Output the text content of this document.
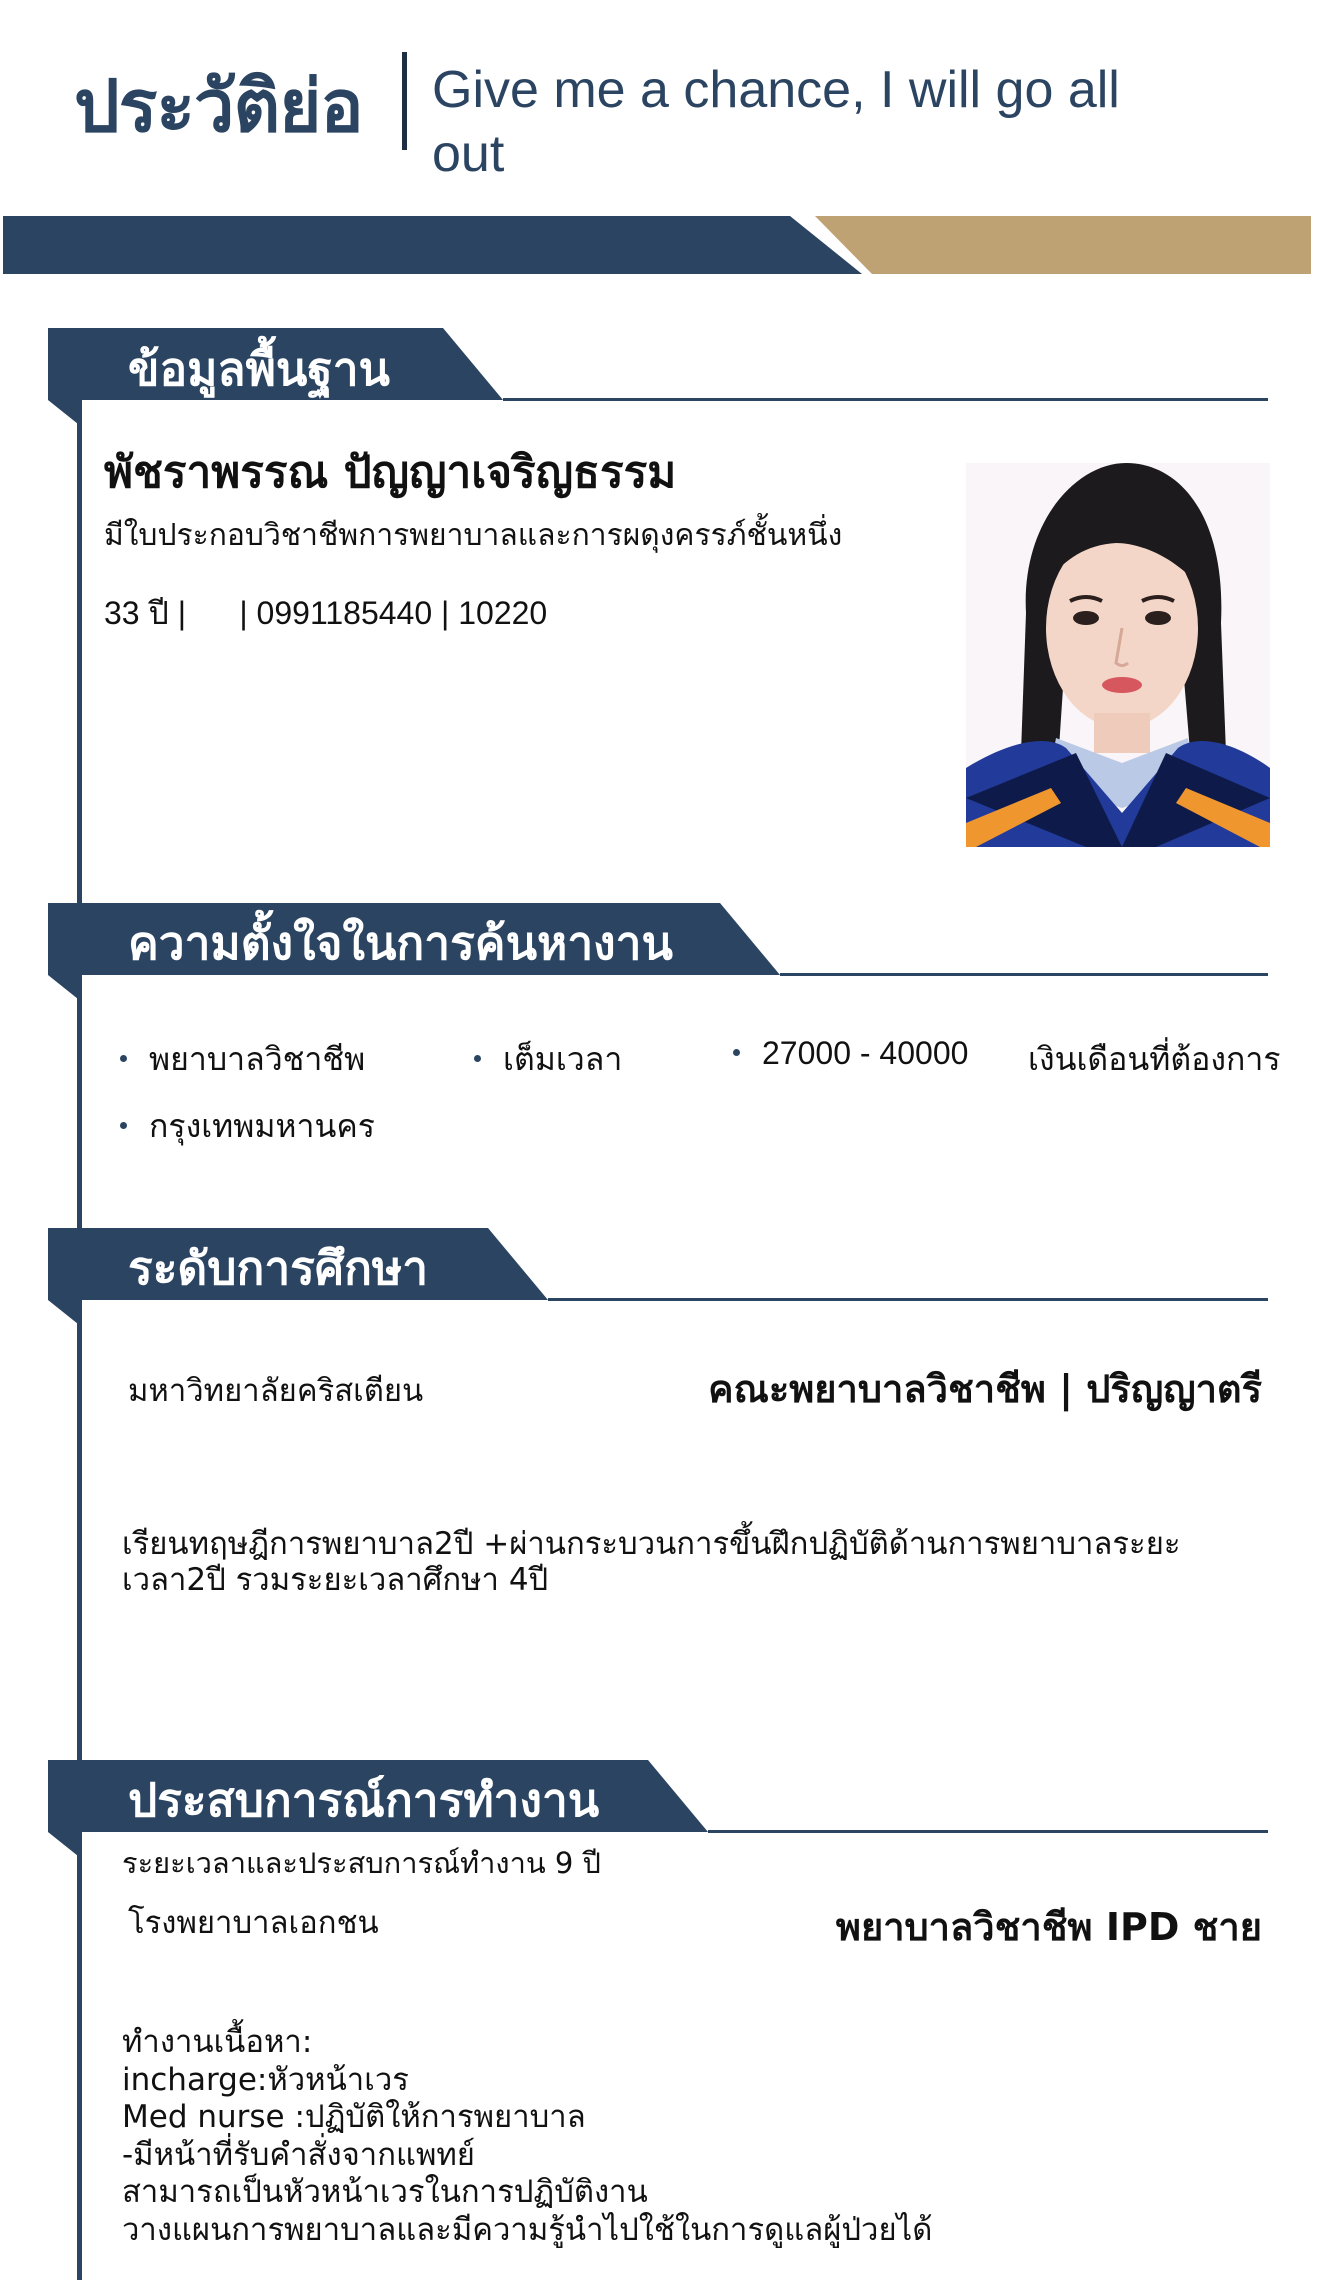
ประวัติย่อ Give me a chance, I will go all out
ข้อมูลพื้นฐาน
พัชราพรรณ ปัญญาเจริญธรรม
มีใบประกอบวิชาชีพการพยาบาลและการผดุงครรภ์ชั้นหนึ่ง
33 ปี |      | 0991185440 | 10220
ความตั้งใจในการค้นหางาน
พยาบาลวิชาชีพ	เต็มเวลา	27000 - 40000 เงินเดือนที่ต้องการ
กรุงเทพมหานคร
ระดับการศึกษา
มหาวิทยาลัยคริสเตียน	คณะพยาบาลวิชาชีพ | ปริญญาตรี
เรียนทฤษฎีการพยาบาล2ปี +ผ่านกระบวนการขึ้นฝึกปฏิบัติด้านการพยาบาลระยะเวลา2ปี รวมระยะเวลาศึกษา 4ปี
ประสบการณ์การทำงาน
ระยะเวลาและประสบการณ์ทำงาน 9 ปี
โรงพยาบาลเอกชน	พยาบาลวิชาชีพ IPD ชาย
ทำงานเนื้อหา:
incharge:หัวหน้าเวร
Med nurse :ปฏิบัติให้การพยาบาล
-มีหน้าที่รับคำสั่งจากแพทย์
สามารถเป็นหัวหน้าเวรในการปฏิบัติงาน
วางแผนการพยาบาลและมีความรู้นำไปใช้ในการดูแลผู้ป่วยได้
